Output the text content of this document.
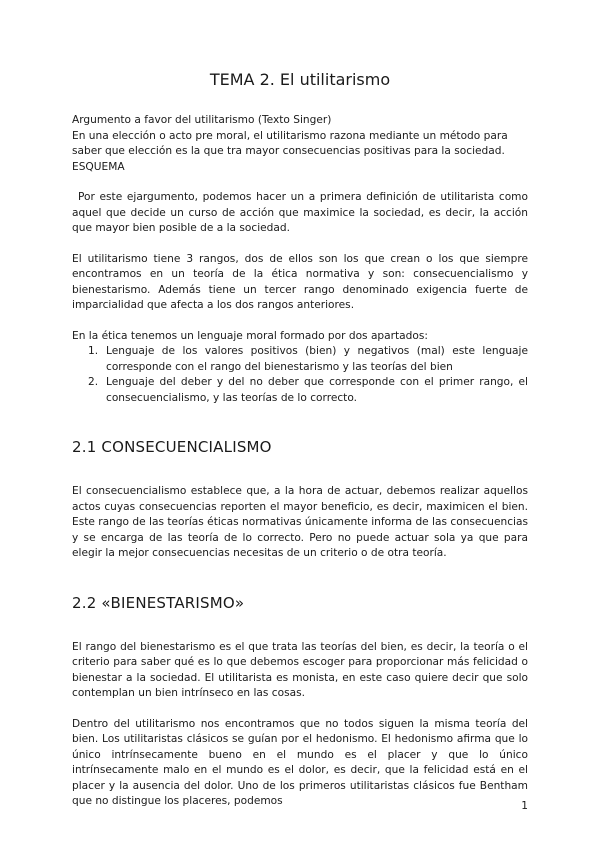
TEMA 2. El utilitarismo

Argumento a favor del utilitarismo (Texto Singer)

En una elección o acto pre moral, el utilitarismo razona mediante un método para saber que elección es la que tra mayor consecuencias positivas para la sociedad.

ESQUEMA

Por este ejargumento, podemos hacer un a primera definición de utilitarista como aquel que decide un curso de acción que maximice la sociedad, es decir, la acción que mayor bien posible de a la sociedad.

El utilitarismo tiene 3 rangos, dos de ellos son los que crean o los que siempre encontramos en un teoría de la ética normativa y son: consecuencialismo y bienestarismo. Además tiene un tercer rango denominado exigencia fuerte de imparcialidad que afecta a los dos rangos anteriores.

En la ética tenemos un lenguaje moral formado por dos apartados:

1. Lenguaje de los valores positivos (bien) y negativos (mal) este lenguaje corresponde con el rango del bienestarismo y las teorías del bien
2. Lenguaje del deber y del no deber que corresponde con el primer rango, el consecuencialismo, y las teorías de lo correcto.
2.1 CONSECUENCIALISMO

El consecuencialismo establece que, a la hora de actuar, debemos realizar aquellos actos cuyas consecuencias reporten el mayor beneficio, es decir, maximicen el bien. Este rango de las teorías éticas normativas únicamente informa de las consecuencias y se encarga de las teoría de lo correcto. Pero no puede actuar sola ya que para elegir la mejor consecuencias necesitas de un criterio o de otra teoría.

2.2 «BIENESTARISMO»

El rango del bienestarismo es el que trata las teorías del bien, es decir, la teoría o el criterio para saber qué es lo que debemos escoger para proporcionar más felicidad o bienestar a la sociedad. El utilitarista es monista, en este caso quiere decir que solo contemplan un bien intrínseco en las cosas.

Dentro del utilitarismo nos encontramos que no todos siguen la misma teoría del bien. Los utilitaristas clásicos se guían por el hedonismo. El hedonismo afirma que lo único intrínsecamente bueno en el mundo es el placer y que lo único intrínsecamente malo en el mundo es el dolor, es decir, que la felicidad está en el placer y la ausencia del dolor. Uno de los primeros utilitaristas clásicos fue Bentham que no distingue los placeres, podemos	1
